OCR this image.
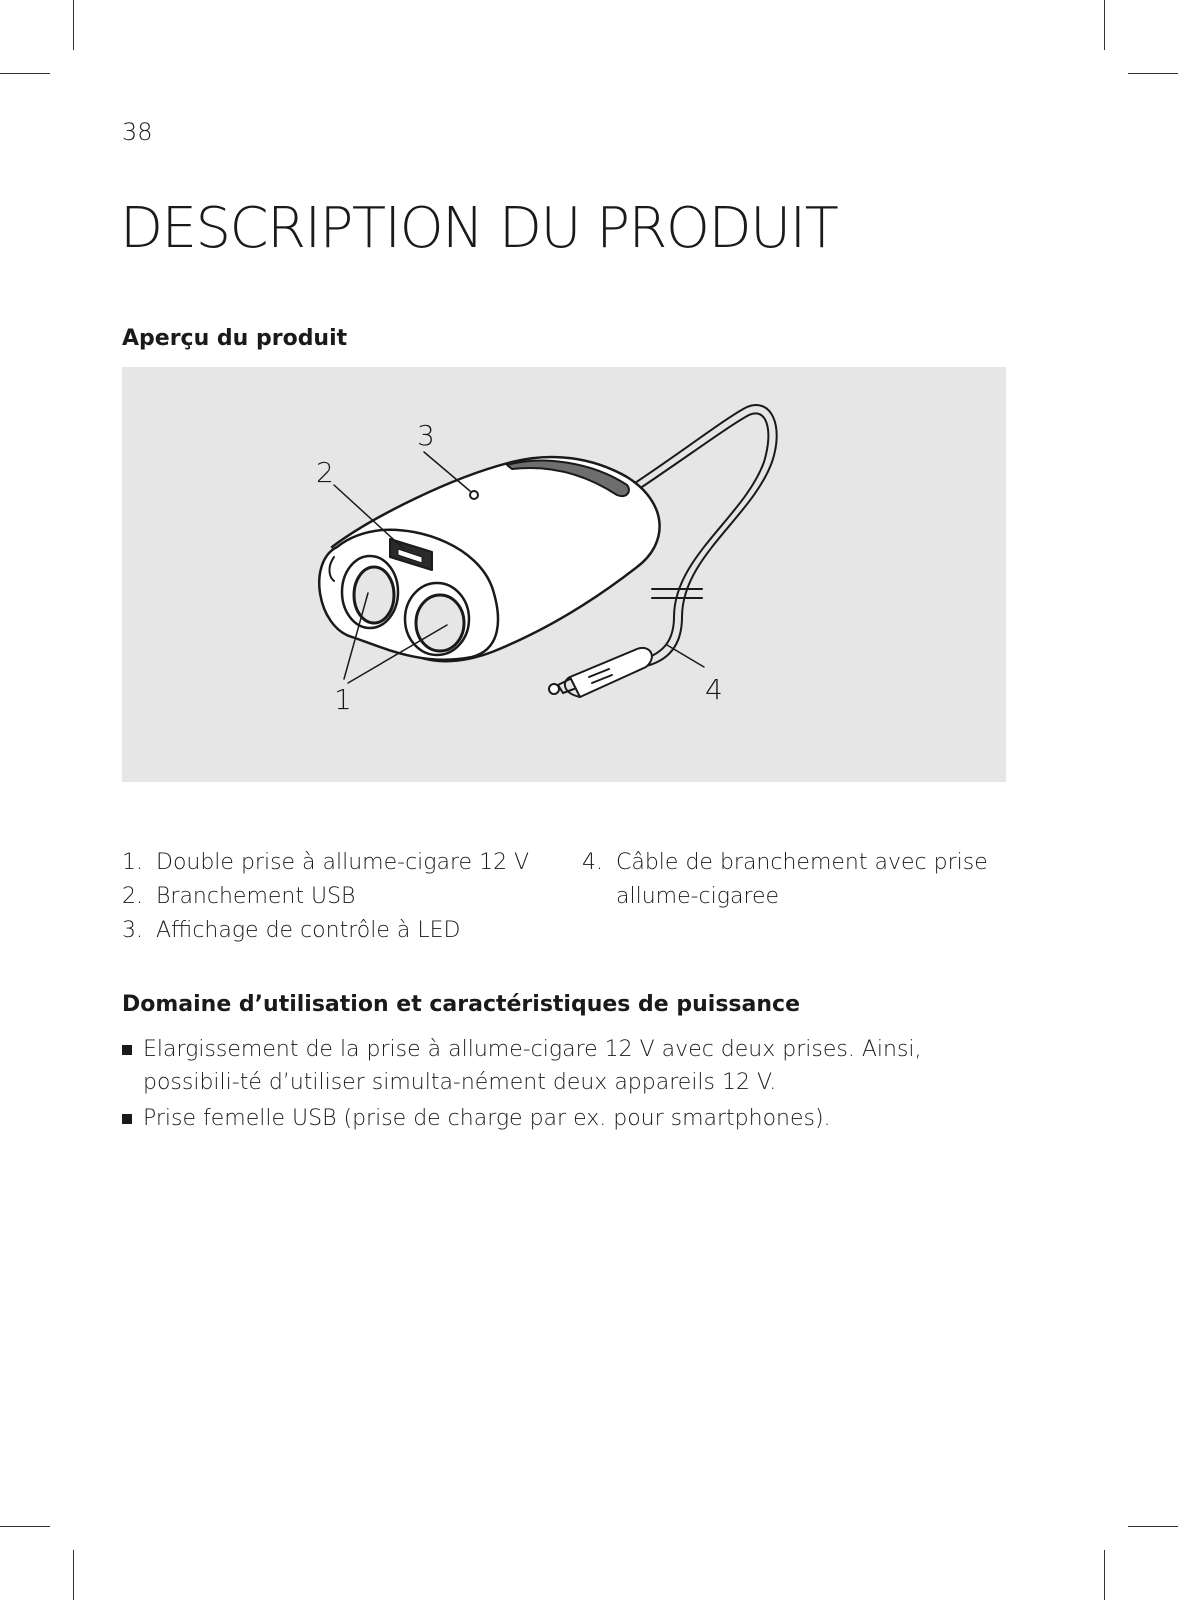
38
DESCRIPTION DU PRODUIT
Aperçu du produit
3
2
1	4
1. Double prise à allume-cigare 12 V
2. Branchement USB
3. Affichage de contrôle à LED
4. Câble de branchement avec prise allume-cigaree
Domaine d’utilisation et caractéristiques de puissance
Elargissement de la prise à allume-cigare 12 V avec deux prises. Ainsi, possibili-té d’utiliser simulta-nément deux appareils 12 V.
Prise femelle USB (prise de charge par ex. pour smartphones).
